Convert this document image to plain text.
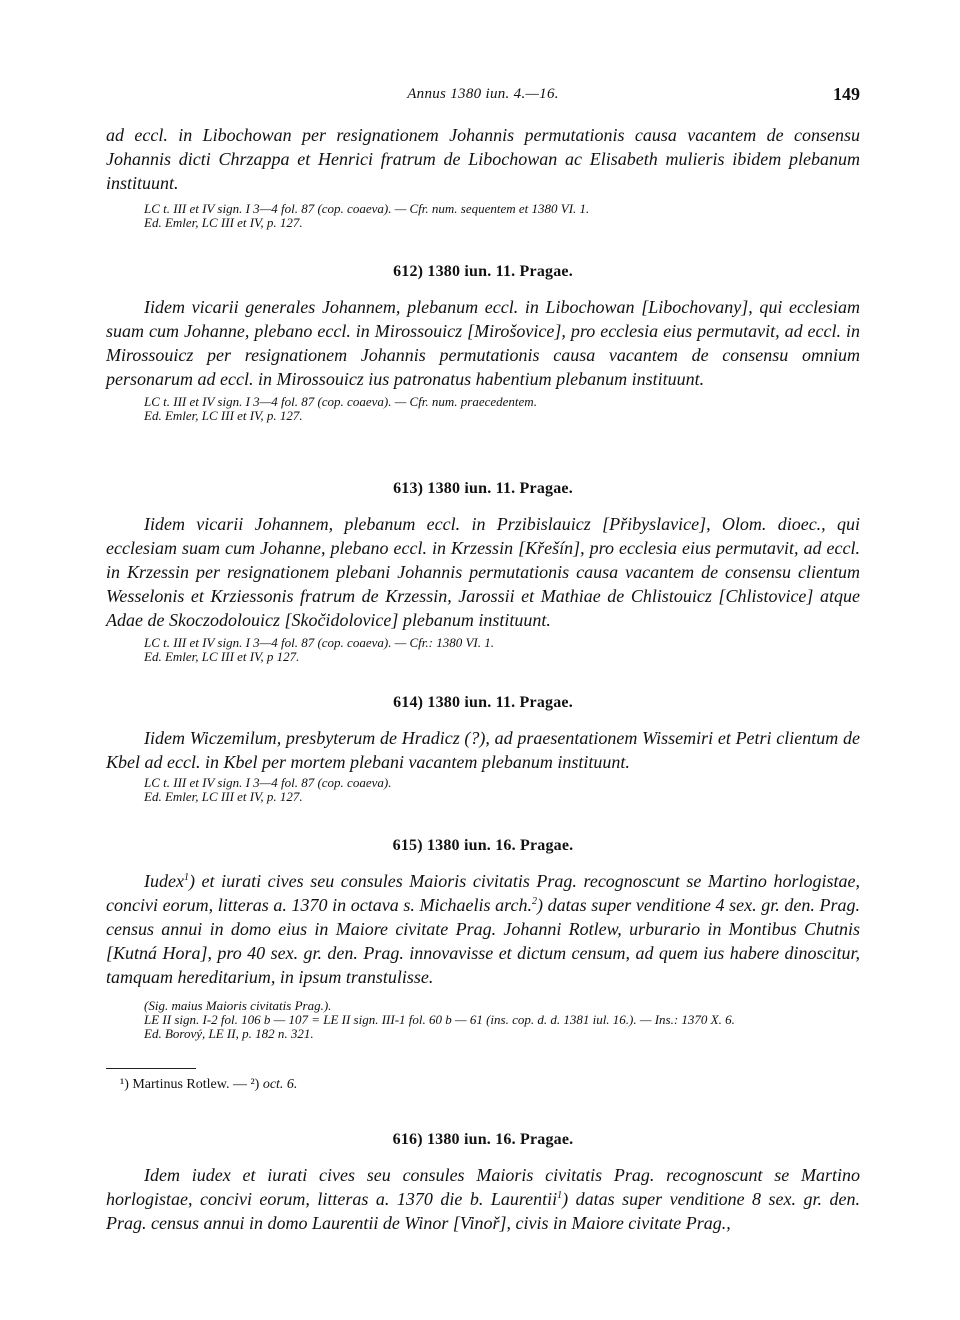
Annus 1380 iun. 4.—16.	149

ad eccl. in Libochowan per resignationem Johannis permutationis causa vacantem de consensu Johannis dicti Chrzappa et Henrici fratrum de Libochowan ac Elisabeth mulieris ibidem plebanum instituunt.

LC t. III et IV sign. I 3—4 fol. 87 (cop. coaeva). — Cfr. num. sequentem et 1380 VI. 1.
Ed. Emler, LC III et IV, p. 127.

612) 1380 iun. 11. Pragae.

Iidem vicarii generales Johannem, plebanum eccl. in Libochowan [Libochovany], qui ecclesiam suam cum Johanne, plebano eccl. in Mirossouicz [Mirošovice], pro ecclesia eius permutavit, ad eccl. in Mirossouicz per resignationem Johannis permutationis causa vacantem de consensu omnium personarum ad eccl. in Mirossouicz ius patronatus habentium plebanum instituunt.

LC t. III et IV sign. I 3—4 fol. 87 (cop. coaeva). — Cfr. num. praecedentem.
Ed. Emler, LC III et IV, p. 127.

613) 1380 iun. 11. Pragae.

Iidem vicarii Johannem, plebanum eccl. in Przibislauicz [Přibyslavice], Olom. dioec., qui ecclesiam suam cum Johanne, plebano eccl. in Krzessin [Křešín], pro ecclesia eius permutavit, ad eccl. in Krzessin per resignationem plebani Johannis permutationis causa vacantem de consensu clientum Wesselonis et Krziessonis fratrum de Krzessin, Jarossii et Mathiae de Chlistouicz [Chlistovice] atque Adae de Skoczodolouicz [Skočidolovice] plebanum instituunt.

LC t. III et IV sign. I 3—4 fol. 87 (cop. coaeva). — Cfr.: 1380 VI. 1.
Ed. Emler, LC III et IV, p 127.

614) 1380 iun. 11. Pragae.

Iidem Wiczemilum, presbyterum de Hradicz (?), ad praesentationem Wissemiri et Petri clientum de Kbel ad eccl. in Kbel per mortem plebani vacantem plebanum instituunt.

LC t. III et IV sign. I 3—4 fol. 87 (cop. coaeva).
Ed. Emler, LC III et IV, p. 127.

615) 1380 iun. 16. Pragae.

Iudex$^1$) et iurati cives seu consules Maioris civitatis Prag. recognoscunt se Martino horlogistae, concivi eorum, litteras a. 1370 in octava s. Michaelis arch.$^2$) datas super venditione 4 sex. gr. den. Prag. census annui in domo eius in Maiore civitate Prag. Johanni Rotlew, urburario in Montibus Chutnis [Kutná Hora], pro 40 sex. gr. den. Prag. innovavisse et dictum censum, ad quem ius habere dinoscitur, tamquam hereditarium, in ipsum transtulisse.

(Sig. maius Maioris civitatis Prag.).
LE II sign. I-2 fol. 106 b — 107 = LE II sign. III-1 fol. 60 b — 61 (ins. cop. d. d. 1381 iul. 16.). — Ins.: 1370 X. 6.
Ed. Borový, LE II, p. 182 n. 321.
¹) Martinus Rotlew. — ²) oct. 6.

616) 1380 iun. 16. Pragae.

Idem iudex et iurati cives seu consules Maioris civitatis Prag. recognoscunt se Martino horlogistae, concivi eorum, litteras a. 1370 die b. Laurentii$^1$) datas super venditione 8 sex. gr. den. Prag. census annui in domo Laurentii de Winor [Vinoř], civis in Maiore civitate Prag.,
